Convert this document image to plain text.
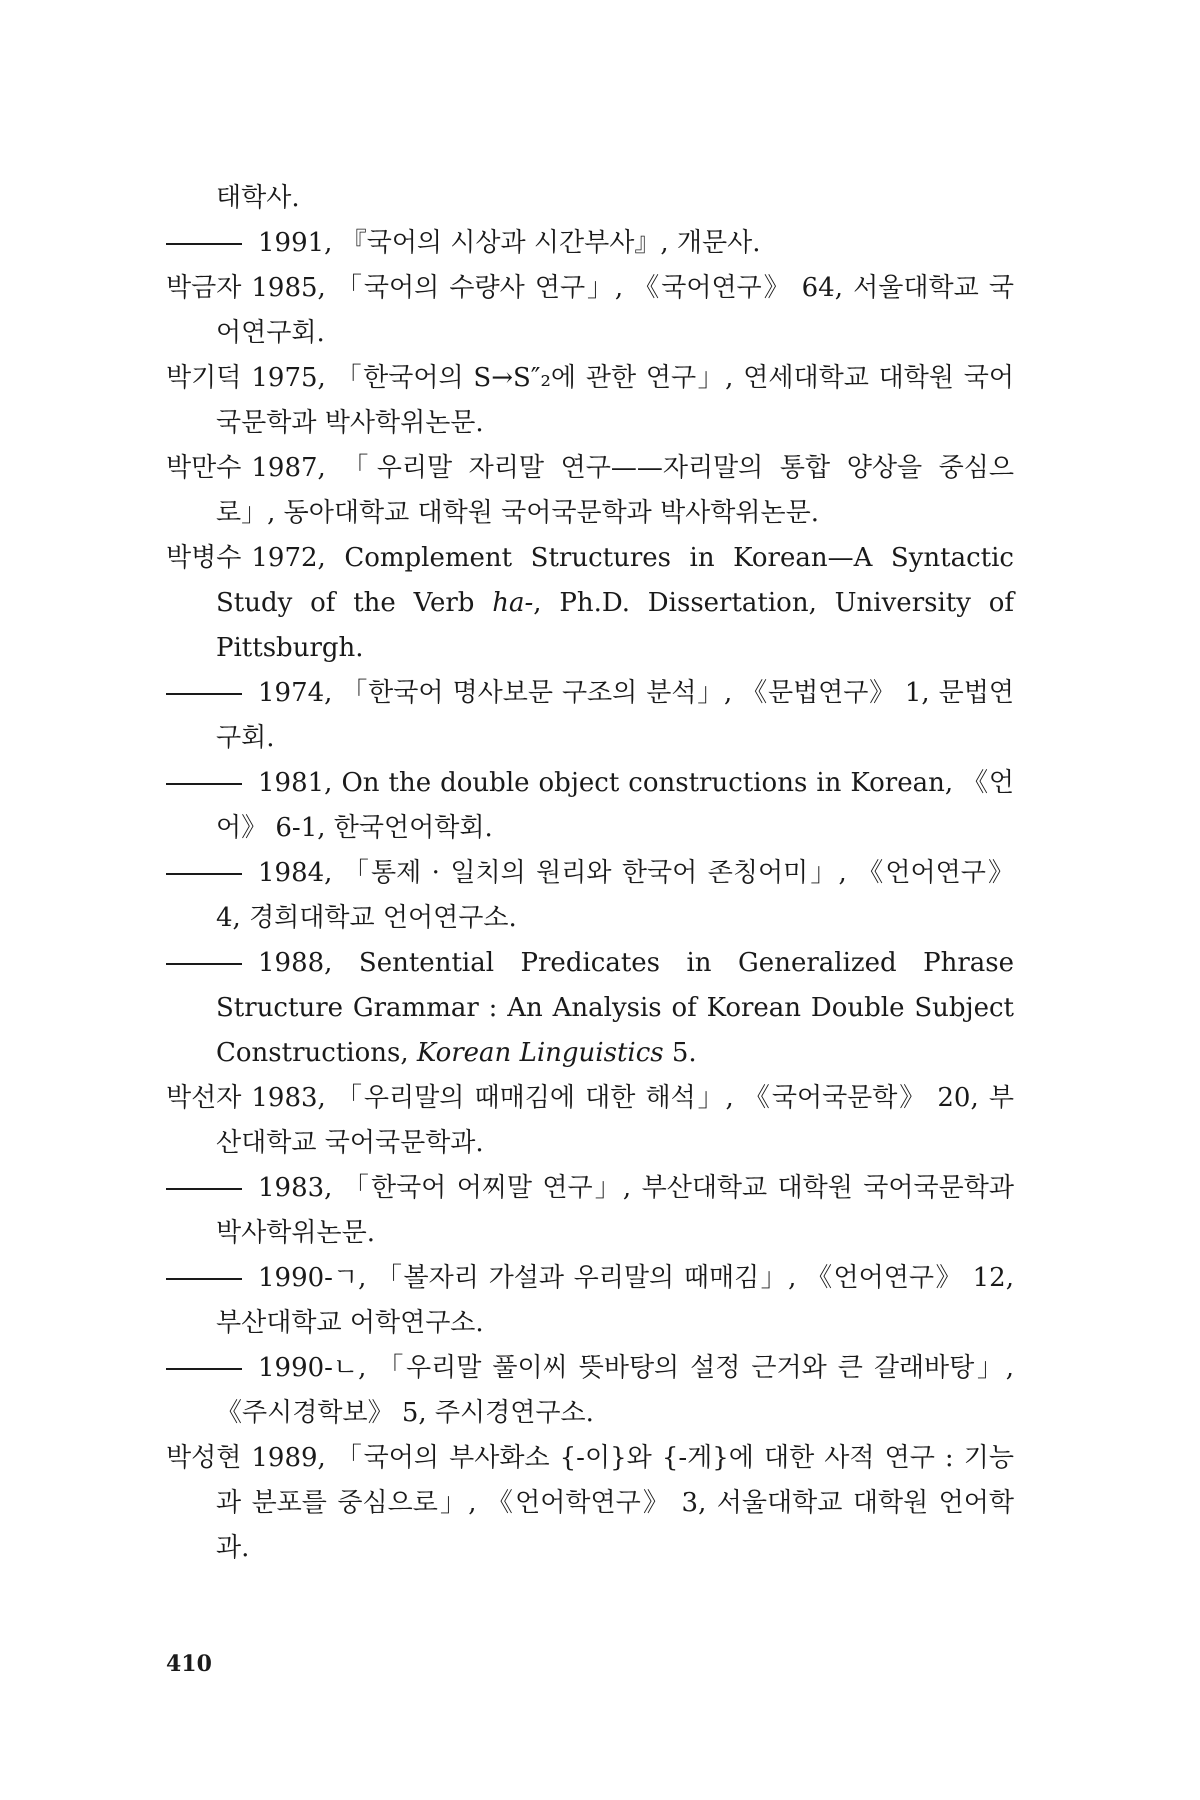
태학사.

1991, 『국어의 시상과 시간부사』, 개문사.

박금자 1985, 「국어의 수량사 연구」, 《국어연구》 64, 서울대학교 국어연구회.

박기덕 1975, 「한국어의 S→S″₂에 관한 연구」, 연세대학교 대학원 국어국문학과 박사학위논문.

박만수 1987, 「우리말 자리말 연구——자리말의 통합 양상을 중심으로」, 동아대학교 대학원 국어국문학과 박사학위논문.

박병수 1972, Complement Structures in Korean—A Syntactic Study of the Verb ha-, Ph.D. Dissertation, University of Pittsburgh.

1974, 「한국어 명사보문 구조의 분석」, 《문법연구》 1, 문법연구회.

1981, On the double object constructions in Korean, 《언어》 6-1, 한국언어학회.

1984, 「통제 · 일치의 원리와 한국어 존칭어미」, 《언어연구》 4, 경희대학교 언어연구소.

1988, Sentential Predicates in Generalized Phrase Structure Grammar : An Analysis of Korean Double Subject Constructions, Korean Linguistics 5.

박선자 1983, 「우리말의 때매김에 대한 해석」, 《국어국문학》 20, 부산대학교 국어국문학과.

1983, 「한국어 어찌말 연구」, 부산대학교 대학원 국어국문학과 박사학위논문.

1990-ㄱ, 「볼자리 가설과 우리말의 때매김」, 《언어연구》 12, 부산대학교 어학연구소.

1990-ㄴ, 「우리말 풀이씨 뜻바탕의 설정 근거와 큰 갈래바탕」, 《주시경학보》 5, 주시경연구소.

박성현 1989, 「국어의 부사화소 {-이}와 {-게}에 대한 사적 연구 : 기능과 분포를 중심으로」, 《언어학연구》 3, 서울대학교 대학원 언어학과.

410
